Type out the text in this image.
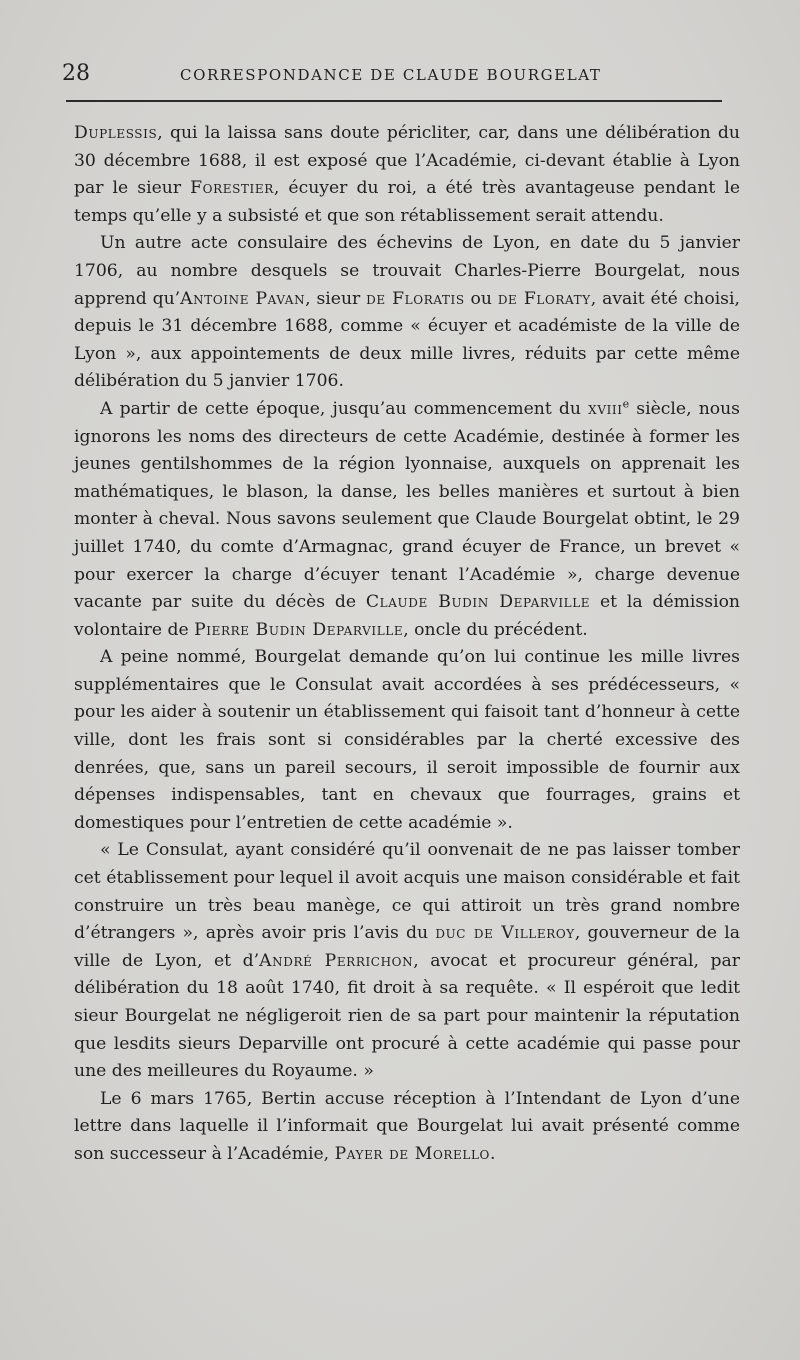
28	CORRESPONDANCE DE CLAUDE BOURGELAT

Duplessis, qui la laissa sans doute péricliter, car, dans une délibération du 30 décembre 1688, il est exposé que l’Académie, ci-devant établie à Lyon par le sieur Forestier, écuyer du roi, a été très avantageuse pendant le temps qu’elle y a subsisté et que son rétablissement serait attendu.

Un autre acte consulaire des échevins de Lyon, en date du 5 janvier 1706, au nombre desquels se trouvait Charles-Pierre Bourgelat, nous apprend qu’Antoine Pavan, sieur de Floratis ou de Floraty, avait été choisi, depuis le 31 décembre 1688, comme « écuyer et académiste de la ville de Lyon », aux appointements de deux mille livres, réduits par cette même délibération du 5 janvier 1706.

A partir de cette époque, jusqu’au commencement du xviii$^e$ siècle, nous ignorons les noms des directeurs de cette Académie, destinée à former les jeunes gentilshommes de la région lyonnaise, auxquels on apprenait les mathématiques, le blason, la danse, les belles manières et surtout à bien monter à cheval. Nous savons seulement que Claude Bourgelat obtint, le 29 juillet 1740, du comte d’Armagnac, grand écuyer de France, un brevet « pour exercer la charge d’écuyer tenant l’Académie », charge devenue vacante par suite du décès de Claude Budin Deparville et la démission volontaire de Pierre Budin Deparville, oncle du précédent.

A peine nommé, Bourgelat demande qu’on lui continue les mille livres supplémentaires que le Consulat avait accordées à ses prédécesseurs, « pour les aider à soutenir un établissement qui faisoit tant d’honneur à cette ville, dont les frais sont si considérables par la cherté excessive des denrées, que, sans un pareil secours, il seroit impossible de fournir aux dépenses indispensables, tant en chevaux que fourrages, grains et domestiques pour l’entretien de cette académie ».

« Le Consulat, ayant considéré qu’il oonvenait de ne pas laisser tomber cet établissement pour lequel il avoit acquis une maison considérable et fait construire un très beau manège, ce qui attiroit un très grand nombre d’étrangers », après avoir pris l’avis du duc de Villeroy, gouverneur de la ville de Lyon, et d’André Perrichon, avocat et procureur général, par délibération du 18 août 1740, fit droit à sa requête. « Il espéroit que ledit sieur Bourgelat ne négligeroit rien de sa part pour maintenir la réputation que lesdits sieurs Deparville ont procuré à cette académie qui passe pour une des meilleures du Royaume. »

Le 6 mars 1765, Bertin accuse réception à l’Intendant de Lyon d’une lettre dans laquelle il l’informait que Bourgelat lui avait présenté comme son successeur à l’Académie, Payer de Morello.
